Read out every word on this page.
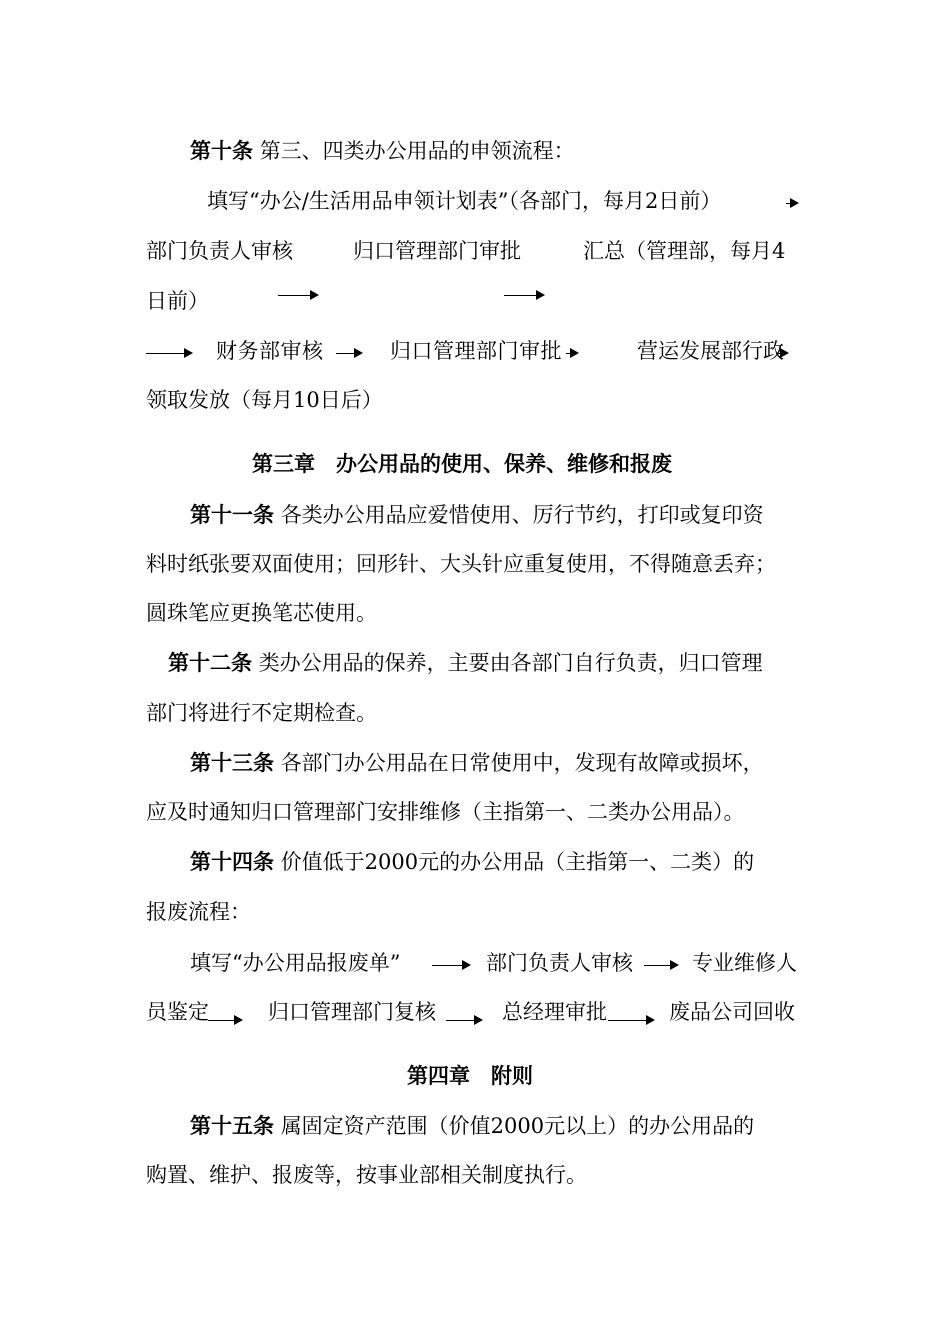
第十条 第三、四类办公用品的申领流程：
填写“办公/生活用品申领计划表”（各部门，每月2日前）
部门负责人审核	归口管理部门审批	汇总（管理部，每月4
日前）
财务部审核	归口管理部门审批	营运发展部行政
领取发放（每月10日后）
第三章　办公用品的使用、保养、维修和报废
第十一条 各类办公用品应爱惜使用、厉行节约，打印或复印资
料时纸张要双面使用；回形针、大头针应重复使用，不得随意丢弃；
圆珠笔应更换笔芯使用。
第十二条 类办公用品的保养，主要由各部门自行负责，归口管理
部门将进行不定期检查。
第十三条 各部门办公用品在日常使用中，发现有故障或损坏，
应及时通知归口管理部门安排维修（主指第一、二类办公用品）。
第十四条 价值低于2000元的办公用品（主指第一、二类）的
报废流程：
填写“办公用品报废单”	部门负责人审核	专业维修人
员鉴定	归口管理部门复核	总经理审批	废品公司回收
第四章　附则
第十五条 属固定资产范围（价值2000元以上）的办公用品的
购置、维护、报废等，按事业部相关制度执行。
